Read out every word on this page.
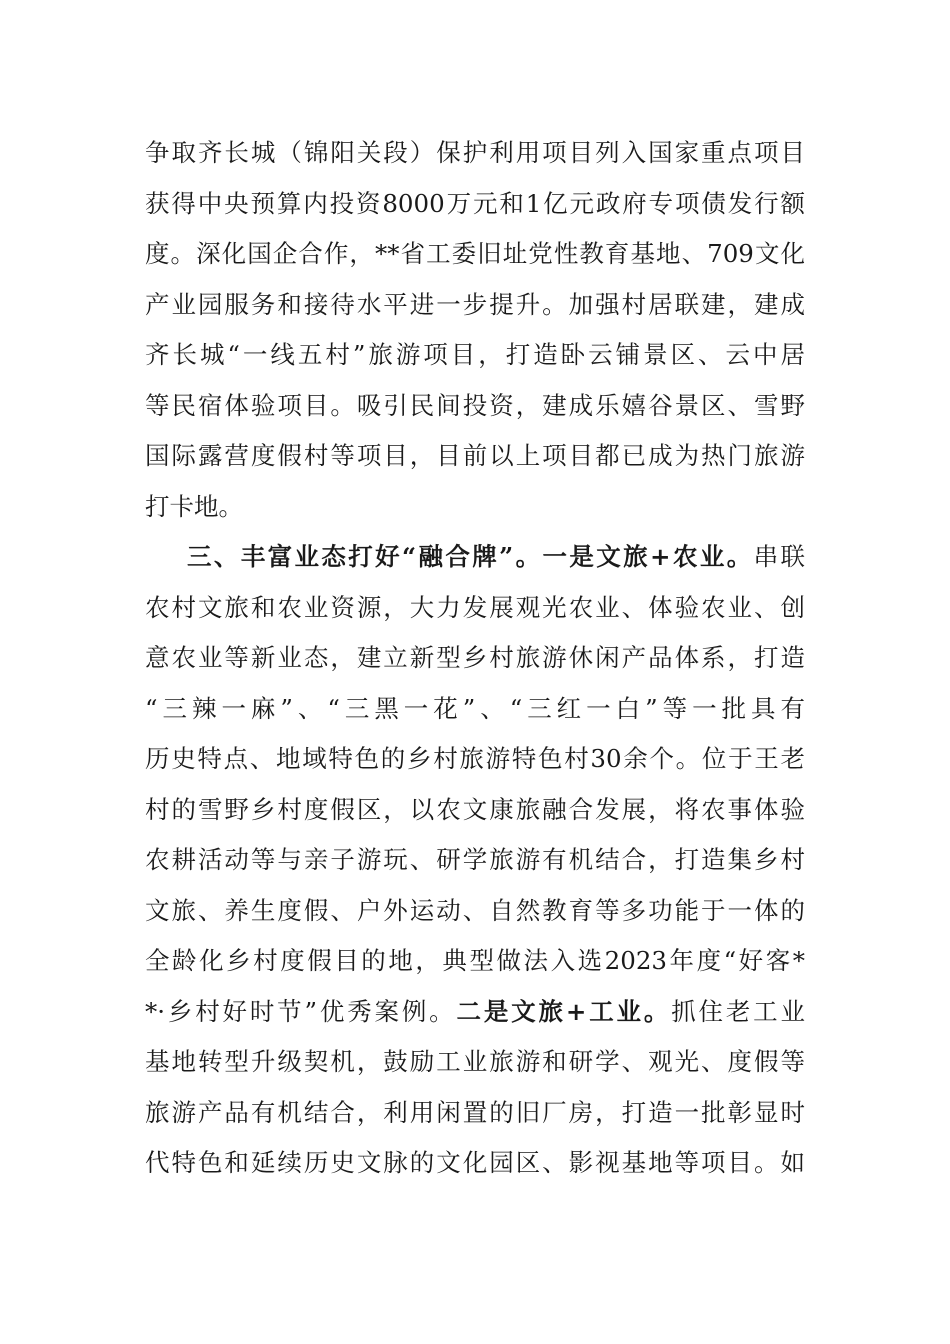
争取齐长城（锦阳关段）保护利用项目列入国家重点项目
获得中央预算内投资8000万元和1亿元政府专项债发行额
度。深化国企合作，**省工委旧址党性教育基地、709文化
产业园服务和接待水平进一步提升。加强村居联建，建成
齐长城“一线五村”旅游项目，打造卧云铺景区、云中居
等民宿体验项目。吸引民间投资，建成乐嬉谷景区、雪野
国际露营度假村等项目，目前以上项目都已成为热门旅游
打卡地。
三、丰富业态打好“融合牌”。一是文旅+农业。串联
农村文旅和农业资源，大力发展观光农业、体验农业、创
意农业等新业态，建立新型乡村旅游休闲产品体系，打造
“三辣一麻”、“三黑一花”、“三红一白”等一批具有
历史特点、地域特色的乡村旅游特色村30余个。位于王老
村的雪野乡村度假区，以农文康旅融合发展，将农事体验
农耕活动等与亲子游玩、研学旅游有机结合，打造集乡村
文旅、养生度假、户外运动、自然教育等多功能于一体的
全龄化乡村度假目的地，典型做法入选2023年度“好客*
*·乡村好时节”优秀案例。二是文旅+工业。抓住老工业
基地转型升级契机，鼓励工业旅游和研学、观光、度假等
旅游产品有机结合，利用闲置的旧厂房，打造一批彰显时
代特色和延续历史文脉的文化园区、影视基地等项目。如
